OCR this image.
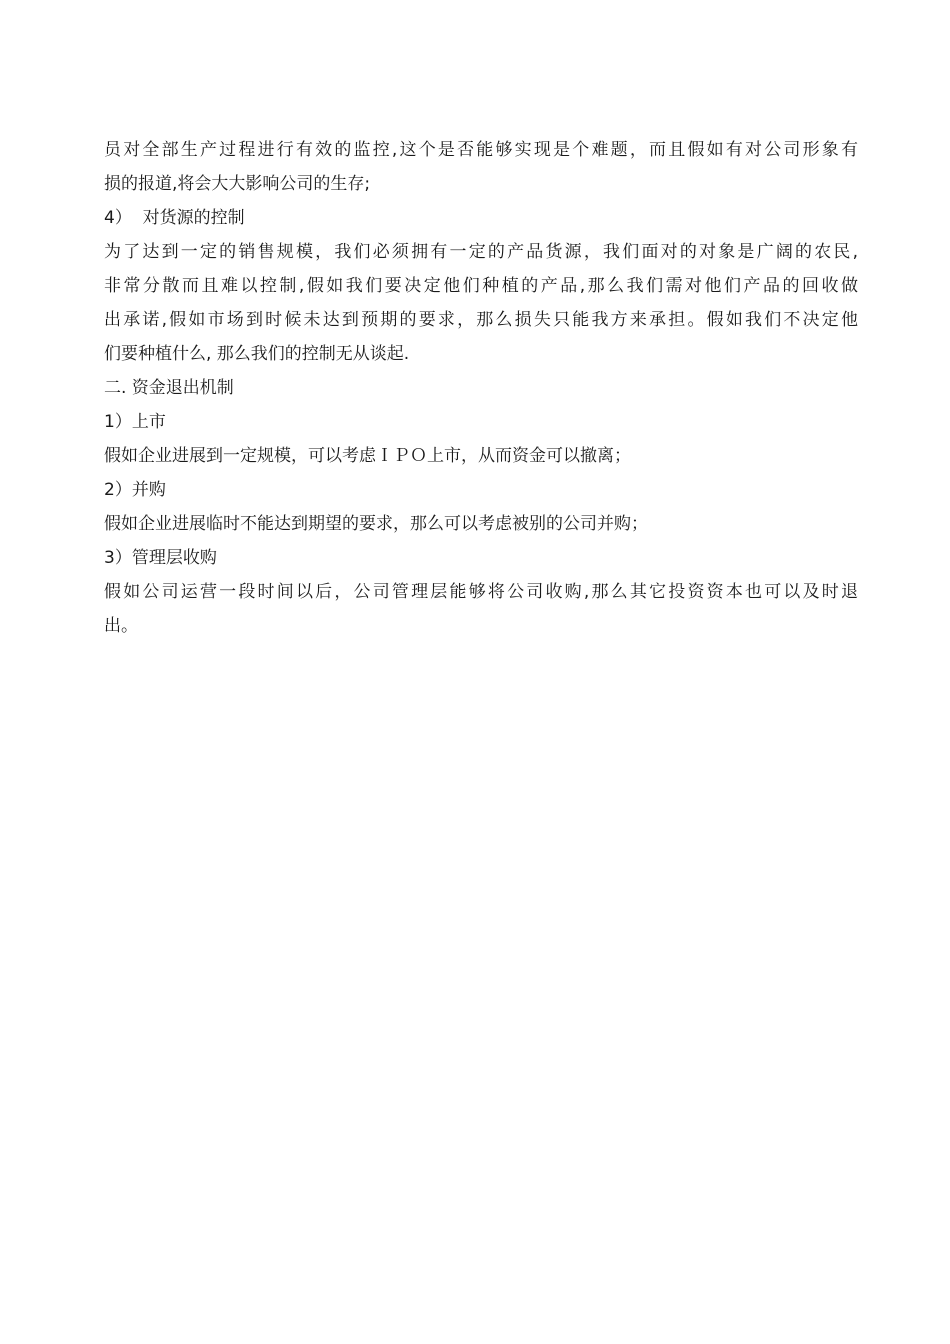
员对全部生产过程进行有效的监控,这个是否能够实现是个难题，而且假如有对公司形象有
损的报道,将会大大影响公司的生存;

4）  对货源的控制

为了达到一定的销售规模，我们必须拥有一定的产品货源，我们面对的对象是广阔的农民,
非常分散而且难以控制,假如我们要决定他们种植的产品,那么我们需对他们产品的回收做
出承诺,假如市场到时候未达到预期的要求，那么损失只能我方来承担。假如我们不决定他
们要种植什么, 那么我们的控制无从谈起.

二. 资金退出机制

1）上市

假如企业进展到一定规模，可以考虑ＩＰＯ上市，从而资金可以撤离；

2）并购

假如企业进展临时不能达到期望的要求，那么可以考虑被别的公司并购；

3）管理层收购

假如公司运营一段时间以后，公司管理层能够将公司收购,那么其它投资资本也可以及时退
出。
